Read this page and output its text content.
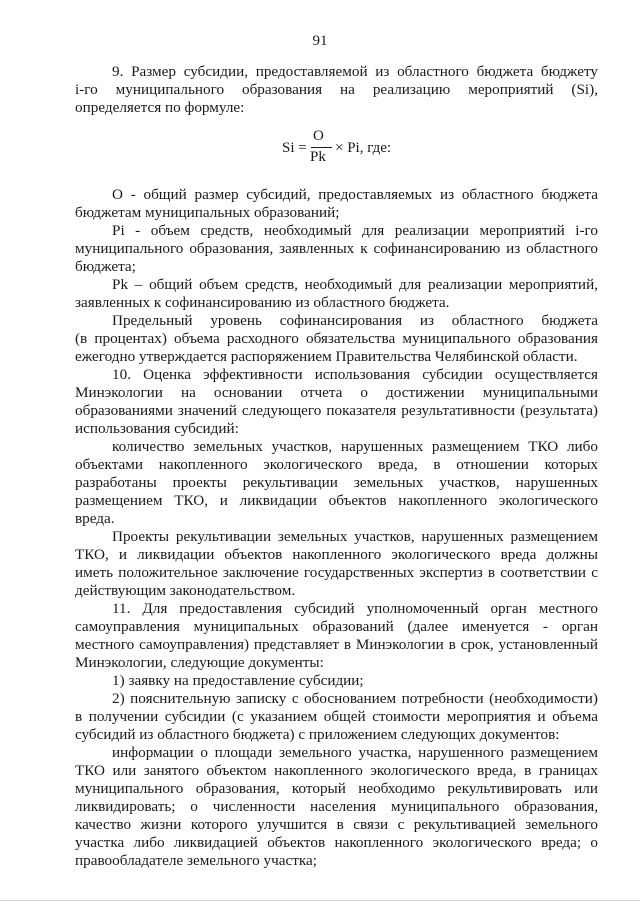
91
9. Размер субсидии, предоставляемой из областного бюджета бюджету
i-го муниципального образования на реализацию мероприятий (Si),
определяется по формуле:
O - общий размер субсидий, предоставляемых из областного бюджета
бюджетам муниципальных образований;
Pi - объем средств, необходимый для реализации мероприятий i-го
муниципального образования, заявленных к софинансированию из областного
бюджета;
Pk – общий объем средств, необходимый для реализации мероприятий,
заявленных к софинансированию из областного бюджета.
Предельный уровень софинансирования из областного бюджета
(в процентах) объема расходного обязательства муниципального образования
ежегодно утверждается распоряжением Правительства Челябинской области.
10. Оценка эффективности использования субсидии осуществляется
Минэкологии на основании отчета о достижении муниципальными
образованиями значений следующего показателя результативности (результата)
использования субсидий:
количество земельных участков, нарушенных размещением ТКО либо
объектами накопленного экологического вреда, в отношении которых
разработаны проекты рекультивации земельных участков, нарушенных
размещением ТКО, и ликвидации объектов накопленного экологического
вреда.
Проекты рекультивации земельных участков, нарушенных размещением
ТКО, и ликвидации объектов накопленного экологического вреда должны
иметь положительное заключение государственных экспертиз в соответствии с
действующим законодательством.
11. Для предоставления субсидий уполномоченный орган местного
самоуправления муниципальных образований (далее именуется - орган
местного самоуправления) представляет в Минэкологии в срок, установленный
Минэкологии, следующие документы:
1) заявку на предоставление субсидии;
2) пояснительную записку с обоснованием потребности (необходимости)
в получении субсидии (с указанием общей стоимости мероприятия и объема
субсидий из областного бюджета) с приложением следующих документов:
информации о площади земельного участка, нарушенного размещением
ТКО или занятого объектом накопленного экологического вреда, в границах
муниципального образования, который необходимо рекультивировать или
ликвидировать; о численности населения муниципального образования,
качество жизни которого улучшится в связи с рекультивацией земельного
участка либо ликвидацией объектов накопленного экологического вреда; о
правообладателе земельного участка;
Si =
O
Pk
× Pi, где:
